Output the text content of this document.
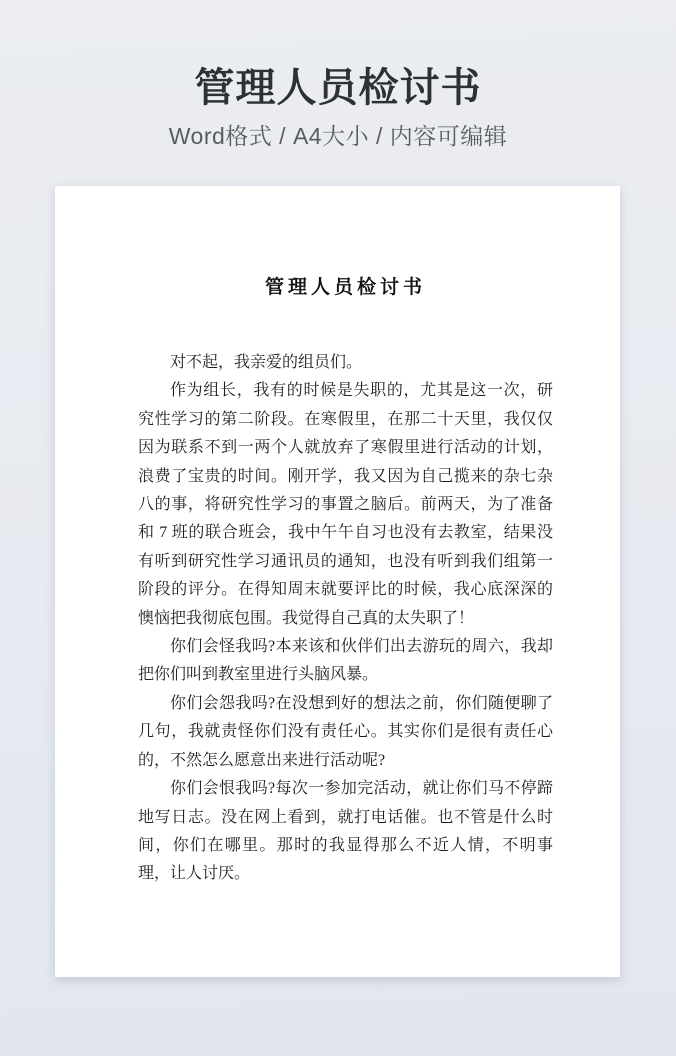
管理人员检讨书
Word格式 / A4大小 / 内容可编辑
管理人员检讨书

对不起，我亲爱的组员们。

作为组长，我有的时候是失职的，尤其是这一次，研究性学习的第二阶段。在寒假里，在那二十天里，我仅仅因为联系不到一两个人就放弃了寒假里进行活动的计划，浪费了宝贵的时间。刚开学，我又因为自己揽来的杂七杂八的事，将研究性学习的事置之脑后。前两天，为了准备和 7 班的联合班会，我中午午自习也没有去教室，结果没有听到研究性学习通讯员的通知，也没有听到我们组第一阶段的评分。在得知周末就要评比的时候，我心底深深的懊恼把我彻底包围。我觉得自己真的太失职了！

你们会怪我吗?本来该和伙伴们出去游玩的周六，我却把你们叫到教室里进行头脑风暴。

你们会怨我吗?在没想到好的想法之前，你们随便聊了几句，我就责怪你们没有责任心。其实你们是很有责任心的，不然怎么愿意出来进行活动呢?

你们会恨我吗?每次一参加完活动，就让你们马不停蹄地写日志。没在网上看到，就打电话催。也不管是什么时间，你们在哪里。那时的我显得那么不近人情，不明事理，让人讨厌。
